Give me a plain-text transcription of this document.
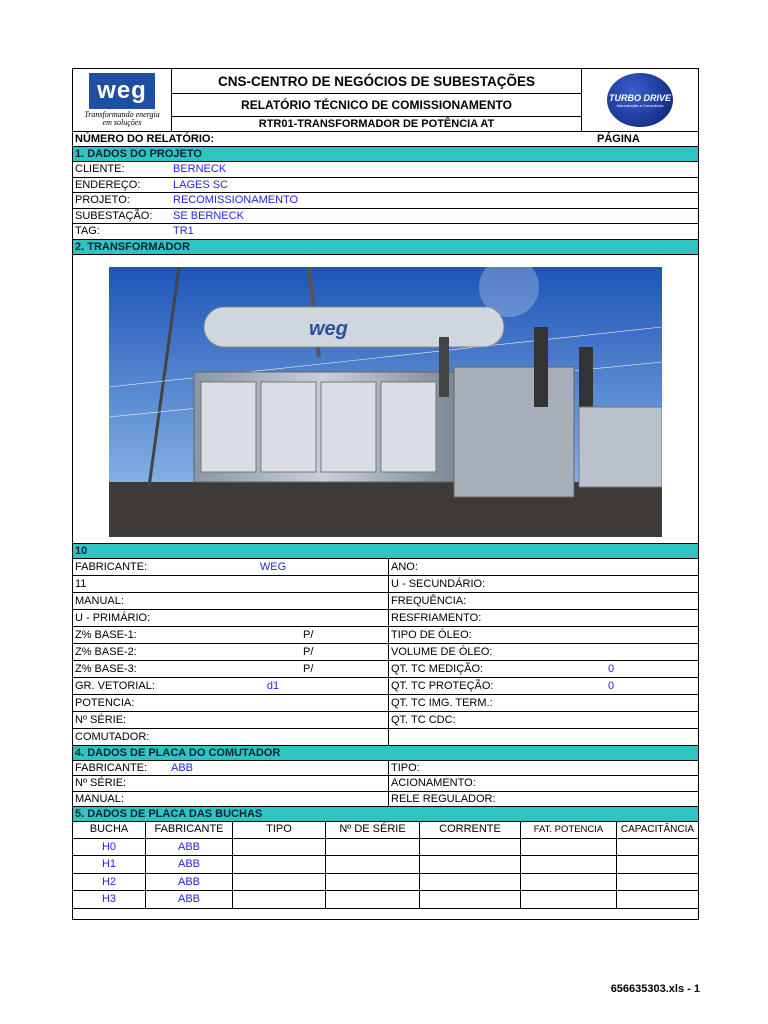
weg
Transformando energia
em soluções
CNS-CENTRO DE NEGÓCIOS DE SUBESTAÇÕES
RELATÓRIO TÉCNICO DE COMISSIONAMENTO
RTR01-TRANSFORMADOR DE POTÊNCIA AT
TURBO DRIVE
Manutenção e Consultoria
NÚMERO DO RELATÓRIO:	PÁGINA
1. DADOS DO PROJETO
CLIENTE:	BERNECK
ENDEREÇO:	LAGES SC
PROJETO:	RECOMISSIONAMENTO
SUBESTAÇÃO:	SE BERNECK
TAG:	TR1
2. TRANSFORMADOR
weg
10
FABRICANTE:	WEG	ANO:
11	U - SECUNDÁRIO:
MANUAL:	FREQUÊNCIA:
U - PRIMÁRIO:	RESFRIAMENTO:
Z% BASE-1:	P/	TIPO DE ÓLEO:
Z% BASE-2:	P/	VOLUME DE ÓLEO:
Z% BASE-3:	P/	QT. TC MEDIÇÃO:	0
GR. VETORIAL:	d1	QT. TC PROTEÇÃO:	0
POTENCIA:	QT. TC IMG. TERM.:
Nº SÉRIE:	QT. TC CDC:
COMUTADOR:
4. DADOS DE PLACA DO COMUTADOR
FABRICANTE:	ABB	TIPO:
Nº SÉRIE:	ACIONAMENTO:
MANUAL:	RELE REGULADOR:
5. DADOS DE PLACA DAS BUCHAS
BUCHA	FABRICANTE	TIPO	Nº DE SÉRIE	CORRENTE	FAT. POTENCIA	CAPACITÂNCIA
H0	ABB
H1	ABB
H2	ABB
H3	ABB
656635303.xls - 1
